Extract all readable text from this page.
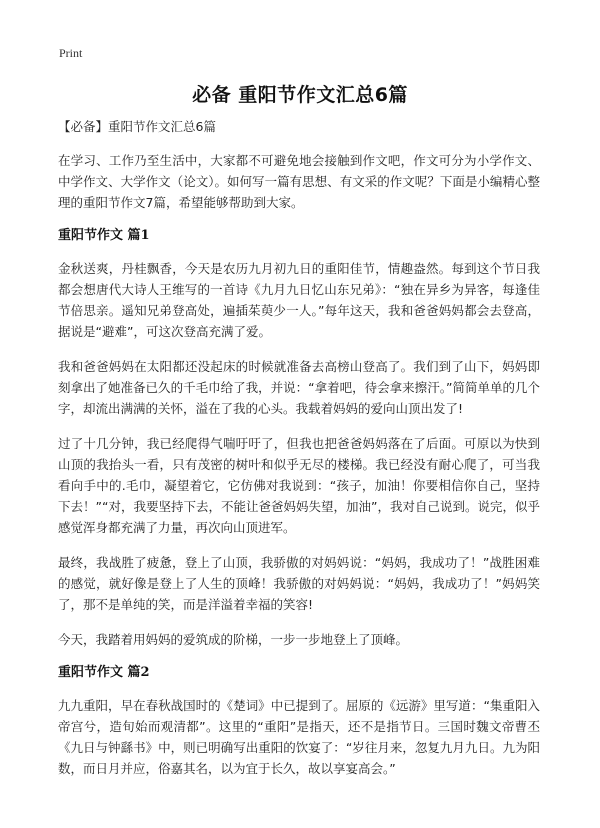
Print
必备 重阳节作文汇总6篇
【必备】重阳节作文汇总6篇

在学习、工作乃至生活中，大家都不可避免地会接触到作文吧，作文可分为小学作文、中学作文、大学作文（论文）。如何写一篇有思想、有文采的作文呢？下面是小编精心整理的重阳节作文7篇，希望能够帮助到大家。

重阳节作文 篇1

金秋送爽，丹桂飘香，今天是农历九月初九日的重阳佳节，情趣盎然。每到这个节日我都会想唐代大诗人王维写的一首诗《九月九日忆山东兄弟》：“独在异乡为异客，每逢佳节倍思亲。遥知兄弟登高处，遍插茱萸少一人。”每年这天，我和爸爸妈妈都会去登高，据说是“避难”，可这次登高充满了爱。

我和爸爸妈妈在太阳都还没起床的时候就准备去高榜山登高了。我们到了山下，妈妈即刻拿出了她准备已久的千毛巾给了我，并说：“拿着吧，待会拿来擦汗。”简简单单的几个字，却流出满满的关怀，溢在了我的心头。我载着妈妈的爱向山顶出发了!

过了十几分钟，我已经爬得气喘吁吁了，但我也把爸爸妈妈落在了后面。可原以为快到山顶的我抬头一看，只有茂密的树叶和似乎无尽的楼梯。我已经没有耐心爬了，可当我看向手中的.毛巾，凝望着它，它仿佛对我说到：“孩子，加油！你要相信你自己，坚持下去！”“对，我要坚持下去，不能让爸爸妈妈失望，加油”，我对自己说到。说完，似乎感觉浑身都充满了力量，再次向山顶进军。

最终，我战胜了疲惫，登上了山顶，我骄傲的对妈妈说：“妈妈，我成功了！”战胜困难的感觉，就好像是登上了人生的顶峰！我骄傲的对妈妈说：“妈妈，我成功了！”妈妈笑了，那不是单纯的笑，而是洋溢着幸福的笑容!

今天，我踏着用妈妈的爱筑成的阶梯，一步一步地登上了顶峰。

重阳节作文 篇2

九九重阳，早在春秋战国时的《楚词》中已提到了。屈原的《远游》里写道：“集重阳入帝宫兮，造旬始而观清都”。这里的“重阳”是指天，还不是指节日。三国时魏文帝曹丕《九日与钟繇书》中，则已明确写出重阳的饮宴了：“岁往月来，忽复九月九日。九为阳数，而日月并应，俗嘉其名，以为宜于长久，故以享宴高会。”
